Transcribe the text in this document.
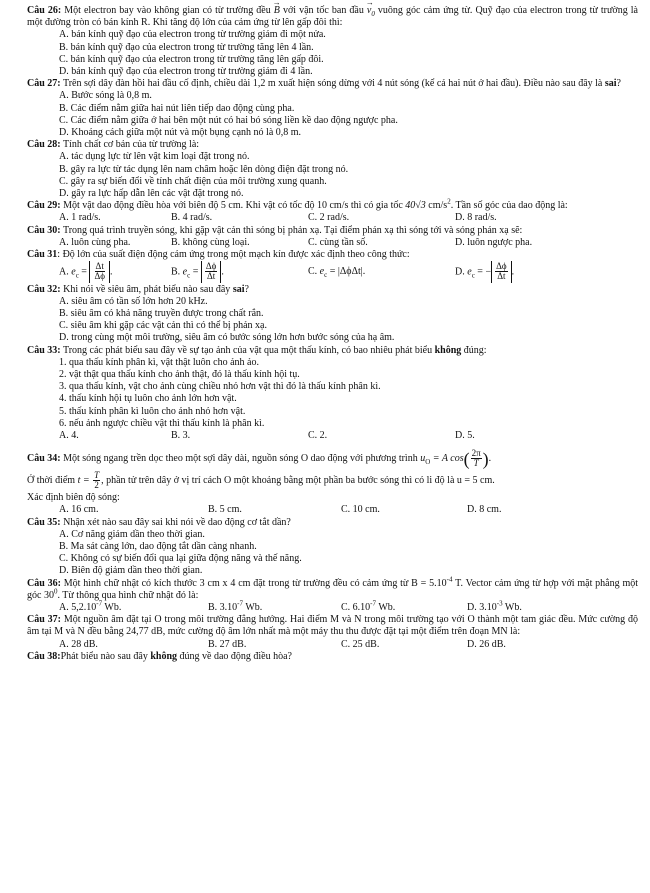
Câu 26: Một electron bay vào không gian có từ trường đều → B với vận tốc ban đầu → $v_0$ vuông góc cảm ứng từ. Quỹ đạo của electron trong từ trường là một đường tròn có bán kính R. Khi tăng độ lớn của cảm ứng từ lên gấp đôi thì:
A. bán kính quỹ đạo của electron trong từ trường giảm đi một nửa.
B. bán kính quỹ đạo của electron trong từ trường tăng lên 4 lần.
C. bán kính quỹ đạo của electron trong từ trường tăng lên gấp đôi.
D. bán kính quỹ đạo của electron trong từ trường giảm đi 4 lần.
Câu 27: Trên sợi dây đàn hồi hai đầu cố định, chiều dài 1,2 m xuất hiện sóng dừng với 4 nút sóng (kể cả hai nút ở hai đầu). Điều nào sau đây là sai?
A. Bước sóng là 0,8 m.
B. Các điểm nằm giữa hai nút liên tiếp dao động cùng pha.
C. Các điểm nằm giữa ở hai bên một nút có hai bó sóng liền kề dao động ngược pha.
D. Khoảng cách giữa một nút và một bụng cạnh nó là 0,8 m.
Câu 28: Tính chất cơ bản của từ trường là:
A. tác dụng lực từ lên vật kim loại đặt trong nó.
B. gây ra lực từ tác dụng lên nam châm hoặc lên dòng điện đặt trong nó.
C. gây ra sự biến đổi về tính chất điện của môi trường xung quanh.
D. gây ra lực hấp dẫn lên các vật đặt trong nó.
Câu 29: Một vật dao động điều hòa với biên độ 5 cm. Khi vật có tốc độ 10 cm/s thì có gia tốc 40√3 $cm/s^2$. Tần số góc của dao động là:
A. 1 rad/s.	B. 4 rad/s.	C. 2 rad/s.	D. 8 rad/s.
Câu 30: Trong quá trình truyền sóng, khi gặp vật cản thì sóng bị phản xạ. Tại điểm phản xạ thì sóng tới và sóng phản xạ sẽ:
A. luôn cùng pha.	B. không cùng loại.	C. cùng tần số.	D. luôn ngược pha.
Câu 31: Độ lớn của suất điện động cảm ứng trong một mạch kín được xác định theo công thức:
A. $e_c = \frac{\Delta t}{\Delta\phi}$ .	B. $e_c = \frac{\Delta\phi}{\Delta t}$ .	C. $e_c = |\Delta\phi\Delta t|$.	D. $e_c$ = − $\frac{\Delta\phi}{\Delta t}$ .
Câu 32: Khi nói về siêu âm, phát biểu nào sau đây sai?
A. siêu âm có tần số lớn hơn 20 kHz.
B. siêu âm có khả năng truyền được trong chất rắn.
C. siêu âm khi gặp các vật cản thì có thể bị phản xạ.
D. trong cùng một môi trường, siêu âm có bước sóng lớn hơn bước sóng của hạ âm.
Câu 33: Trong các phát biểu sau đây về sự tạo ảnh của vật qua một thấu kính, có bao nhiêu phát biểu không đúng:
1. qua thấu kính phân kì, vật thật luôn cho ảnh ảo.
2. vật thật qua thấu kính cho ảnh thật, đó là thấu kính hội tụ.
3. qua thấu kính, vật cho ảnh cùng chiều nhỏ hơn vật thì đó là thấu kính phân kì.
4. thấu kính hội tụ luôn cho ảnh lớn hơn vật.
5. thấu kính phân kì luôn cho ảnh nhỏ hơn vật.
6. nếu ảnh ngược chiều vật thì thấu kính là phân kì.
A. 4.	B. 3.	C. 2.	D. 5.
Câu 34: Một sóng ngang trền dọc theo một sợi dây dài, nguồn sóng O dao động với phương trình $u_O = A$ $\cos( \frac{2\pi}{T}$ ).
Ở thời điểm $t = \frac{T}{2}$ , phần tử trên dây ở vị trí cách O một khoảng bằng một phần ba bước sóng thì có li độ là u = 5 cm.
Xác định biên độ sóng:
A. 16 cm.	B. 5 cm.	C. 10 cm.	D. 8 cm.
Câu 35: Nhận xét nào sau đây sai khi nói về dao động cơ tắt dần?
A. Cơ năng giảm dần theo thời gian.
B. Ma sát càng lớn, dao động tắt dần càng nhanh.
C. Không có sự biến đổi qua lại giữa động năng và thế năng.
D. Biên độ giảm dần theo thời gian.
Câu 36: Một hình chữ nhật có kích thước 3 cm x 4 cm đặt trong từ trường đều có cảm ứng từ $B = 5.10^{-4}$ T. Vector cảm ứng từ hợp với mặt phẳng một góc $30^0$. Từ thông qua hình chữ nhật đó là:
A. $5,2.10^{-7}$ Wb.	B. $3.10^{-7}$ Wb.	C. $6.10^{-7}$ Wb.	D. $3.10^{-3}$ Wb.
Câu 37: Một nguồn âm đặt tại O trong môi trường đẳng hướng. Hai điểm M và N trong môi trường tạo với O thành một tam giác đều. Mức cường độ âm tại M và N đều bằng 24,77 dB, mức cường độ âm lớn nhất mà một máy thu thu được đặt tại một điểm trên đoạn MN là:
A. 28 dB.	B. 27 dB.	C. 25 dB.	D. 26 dB.
Câu 38:Phát biểu nào sau đây không đúng về dao động điều hòa?
